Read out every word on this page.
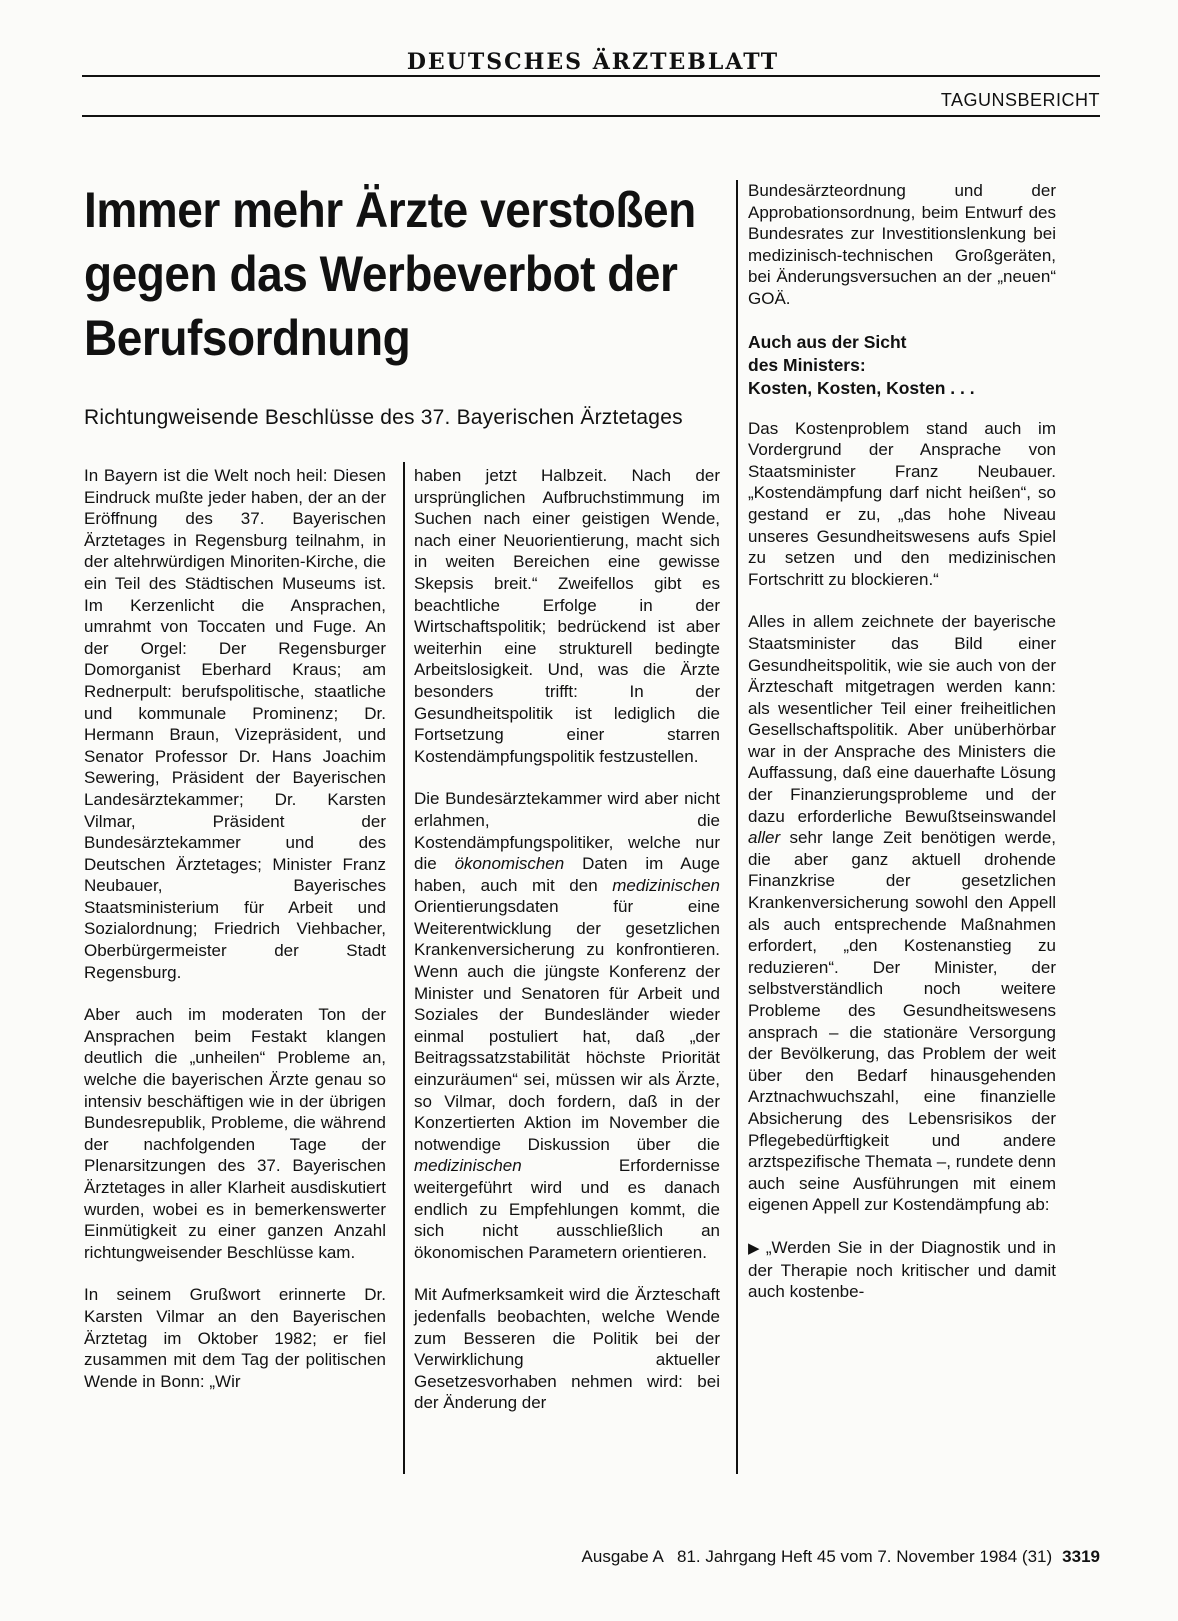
DEUTSCHES ÄRZTEBLATT
TAGUNSBERICHT
Immer mehr Ärzte verstoßen gegen das Werbeverbot der Berufsordnung
Richtungweisende Beschlüsse des 37. Bayerischen Ärztetages

In Bayern ist die Welt noch heil: Diesen Eindruck mußte jeder haben, der an der Eröffnung des 37. Bayerischen Ärztetages in Regensburg teilnahm, in der altehrwürdigen Minoriten-Kirche, die ein Teil des Städtischen Museums ist. Im Kerzenlicht die Ansprachen, umrahmt von Toccaten und Fuge. An der Orgel: Der Regensburger Domorganist Eberhard Kraus; am Rednerpult: berufspolitische, staatliche und kommunale Prominenz; Dr. Hermann Braun, Vizepräsident, und Senator Professor Dr. Hans Joachim Sewering, Präsident der Bayerischen Landesärztekammer; Dr. Karsten Vilmar, Präsident der Bundesärztekammer und des Deutschen Ärztetages; Minister Franz Neubauer, Bayerisches Staatsministerium für Arbeit und Sozialordnung; Friedrich Viehbacher, Oberbürgermeister der Stadt Regensburg.

Aber auch im moderaten Ton der Ansprachen beim Festakt klangen deutlich die „unheilen“ Probleme an, welche die bayerischen Ärzte genau so intensiv beschäftigen wie in der übrigen Bundesrepublik, Probleme, die während der nachfolgenden Tage der Plenarsitzungen des 37. Bayerischen Ärztetages in aller Klarheit ausdiskutiert wurden, wobei es in bemerkenswerter Einmütigkeit zu einer ganzen Anzahl richtungweisender Beschlüsse kam.

In seinem Grußwort erinnerte Dr. Karsten Vilmar an den Bayerischen Ärztetag im Oktober 1982; er fiel zusammen mit dem Tag der politischen Wende in Bonn: „Wir

haben jetzt Halbzeit. Nach der ursprünglichen Aufbruchstimmung im Suchen nach einer geistigen Wende, nach einer Neuorientierung, macht sich in weiten Bereichen eine gewisse Skepsis breit.“ Zweifellos gibt es beachtliche Erfolge in der Wirtschaftspolitik; bedrückend ist aber weiterhin eine strukturell bedingte Arbeitslosigkeit. Und, was die Ärzte besonders trifft: In der Gesundheitspolitik ist lediglich die Fortsetzung einer starren Kostendämpfungspolitik festzustellen.

Die Bundesärztekammer wird aber nicht erlahmen, die Kostendämpfungspolitiker, welche nur die ökonomischen Daten im Auge haben, auch mit den medizinischen Orientierungsdaten für eine Weiterentwicklung der gesetzlichen Krankenversicherung zu konfrontieren. Wenn auch die jüngste Konferenz der Minister und Senatoren für Arbeit und Soziales der Bundesländer wieder einmal postuliert hat, daß „der Beitragssatzstabilität höchste Priorität einzuräumen“ sei, müssen wir als Ärzte, so Vilmar, doch fordern, daß in der Konzertierten Aktion im November die notwendige Diskussion über die medizinischen Erfordernisse weitergeführt wird und es danach endlich zu Empfehlungen kommt, die sich nicht ausschließlich an ökonomischen Parametern orientieren.

Mit Aufmerksamkeit wird die Ärzteschaft jedenfalls beobachten, welche Wende zum Besseren die Politik bei der Verwirklichung aktueller Gesetzesvorhaben nehmen wird: bei der Änderung der

Bundesärzteordnung und der Approbationsordnung, beim Entwurf des Bundesrates zur Investitionslenkung bei medizinisch-technischen Großgeräten, bei Änderungsversuchen an der „neuen“ GOÄ.

Auch aus der Sicht
des Ministers:
Kosten, Kosten, Kosten . . .

Das Kostenproblem stand auch im Vordergrund der Ansprache von Staatsminister Franz Neubauer. „Kostendämpfung darf nicht heißen“, so gestand er zu, „das hohe Niveau unseres Gesundheitswesens aufs Spiel zu setzen und den medizinischen Fortschritt zu blockieren.“

Alles in allem zeichnete der bayerische Staatsminister das Bild einer Gesundheitspolitik, wie sie auch von der Ärzteschaft mitgetragen werden kann: als wesentlicher Teil einer freiheitlichen Gesellschaftspolitik. Aber unüberhörbar war in der Ansprache des Ministers die Auffassung, daß eine dauerhafte Lösung der Finanzierungsprobleme und der dazu erforderliche Bewußtseinswandel aller sehr lange Zeit benötigen werde, die aber ganz aktuell drohende Finanzkrise der gesetzlichen Krankenversicherung sowohl den Appell als auch entsprechende Maßnahmen erfordert, „den Kostenanstieg zu reduzieren“. Der Minister, der selbstverständlich noch weitere Probleme des Gesundheitswesens ansprach – die stationäre Versorgung der Bevölkerung, das Problem der weit über den Bedarf hinausgehenden Arztnachwuchszahl, eine finanzielle Absicherung des Lebensrisikos der Pflegebedürftigkeit und andere arztspezifische Themata –, rundete denn auch seine Ausführungen mit einem eigenen Appell zur Kostendämpfung ab:

▶ „Werden Sie in der Diagnostik und in der Therapie noch kritischer und damit auch kostenbe-

Ausgabe A   81. Jahrgang Heft 45 vom 7. November 1984 (31) 3319
